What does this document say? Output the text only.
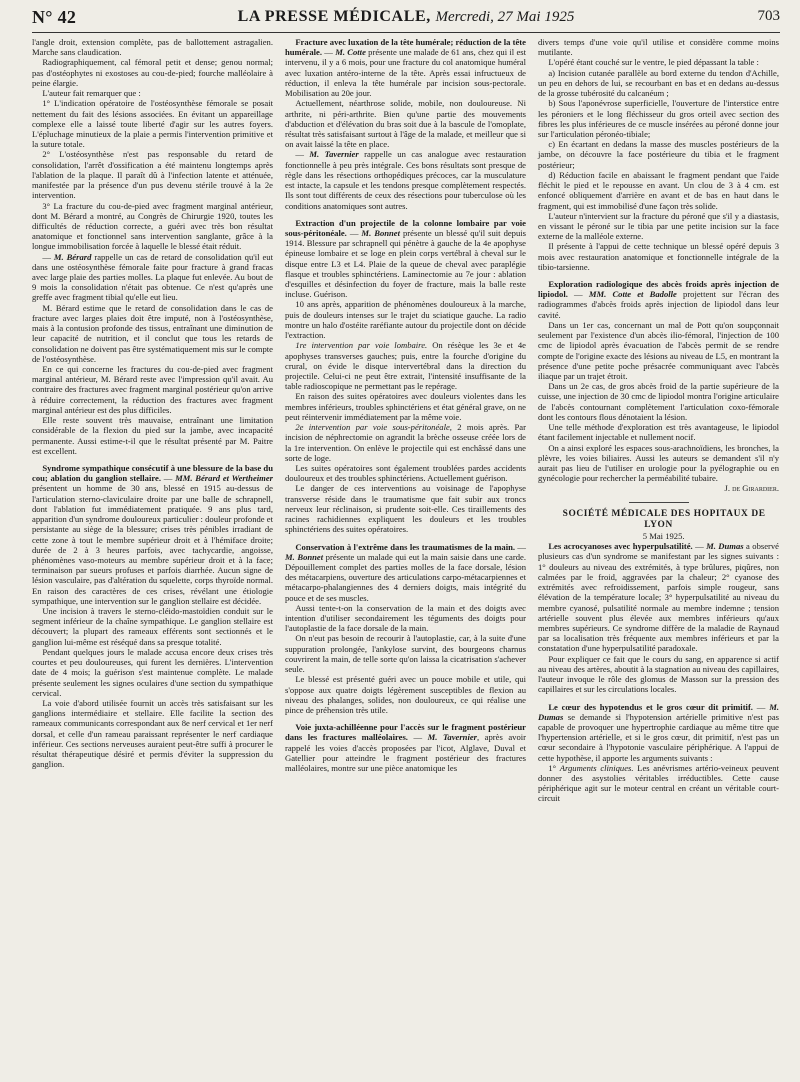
N° 42	LA PRESSE MÉDICALE, Mercredi, 27 Mai 1925	703

l'angle droit, extension complète, pas de ballottement astragalien. Marche sans claudication.

Radiographiquement, cal fémoral petit et dense; genou normal; pas d'ostéophytes ni exostoses au cou-de-pied; fourche malléolaire à peine élargie.

L'auteur fait remarquer que :

1° L'indication opératoire de l'ostéosynthèse fémorale se posait nettement du fait des lésions associées. En évitant un appareillage complexe elle a laissé toute liberté d'agir sur les autres foyers. L'épluchage minutieux de la plaie a permis l'intervention primitive et la suture totale.

2° L'ostéosynthèse n'est pas responsable du retard de consolidation, l'arrêt d'ossification a été maintenu longtemps après l'ablation de la plaque. Il paraît dû à l'infection latente et atténuée, manifestée par la présence d'un pus devenu stérile trouvé à la 2e intervention.

3° La fracture du cou-de-pied avec fragment marginal antérieur, dont M. Bérard a montré, au Congrès de Chirurgie 1920, toutes les difficultés de réduction correcte, a guéri avec très bon résultat anatomique et fonctionnel sans intervention sanglante, grâce à la longue immobilisation forcée à laquelle le blessé était réduit.

— M. Bérard rappelle un cas de retard de consolidation qu'il eut dans une ostéosynthèse fémorale faite pour fracture à grand fracas avec large plaie des parties molles. La plaque fut enlevée. Au bout de 9 mois la consolidation n'était pas obtenue. Ce n'est qu'après une greffe avec fragment tibial qu'elle eut lieu.

M. Bérard estime que le retard de consolidation dans le cas de fracture avec larges plaies doit être imputé, non à l'ostéosynthèse, mais à la contusion profonde des tissus, entraînant une diminution de leur capacité de nutrition, et il conclut que tous les retards de consolidation ne doivent pas être systématiquement mis sur le compte de l'ostéosynthèse.

En ce qui concerne les fractures du cou-de-pied avec fragment marginal antérieur, M. Bérard reste avec l'impression qu'il avait. Au contraire des fractures avec fragment marginal postérieur qu'on arrive à réduire correctement, la réduction des fractures avec fragment marginal antérieur est des plus difficiles.

Elle reste souvent très mauvaise, entraînant une limitation considérable de la flexion du pied sur la jambe, avec incapacité permanente. Aussi estime-t-il que le résultat présenté par M. Paitre est excellent.

Syndrome sympathique consécutif à une blessure de la base du cou; ablation du ganglion stellaire. — MM. Bérard et Wertheimer présentent un homme de 30 ans, blessé en 1915 au-dessus de l'articulation sterno-claviculaire droite par une balle de schrapnell, dont l'ablation fut immédiatement pratiquée. 9 ans plus tard, apparition d'un syndrome douloureux particulier : douleur profonde et persistante au siège de la blessure; crises très pénibles irradiant de cette zone à tout le membre supérieur droit et à l'hémiface droite; durée de 2 à 3 heures parfois, avec tachycardie, angoisse, phénomènes vaso-moteurs au membre supérieur droit et à la face; terminaison par sueurs profuses et parfois diarrhée. Aucun signe de lésion vasculaire, pas d'altération du squelette, corps thyroïde normal. En raison des caractères de ces crises, révélant une étiologie sympathique, une intervention sur le ganglion stellaire est décidée.

Une incision à travers le sterno-cléido-mastoïdien conduit sur le segment inférieur de la chaîne sympathique. Le ganglion stellaire est découvert; la plupart des rameaux efférents sont sectionnés et le ganglion lui-même est réséqué dans sa presque totalité.

Pendant quelques jours le malade accusa encore deux crises très courtes et peu douloureuses, qui furent les dernières. L'intervention date de 4 mois; la guérison s'est maintenue complète. Le malade présente seulement les signes oculaires d'une section du sympathique cervical.

La voie d'abord utilisée fournit un accès très satisfaisant sur les ganglions intermédiaire et stellaire. Elle facilite la section des rameaux communicants correspondant aux 8e nerf cervical et 1er nerf dorsal, et celle d'un rameau paraissant représenter le nerf cardiaque inférieur. Ces sections nerveuses auraient peut-être suffi à procurer le résultat thérapeutique désiré et permis d'éviter la suppression du ganglion.

Fracture avec luxation de la tête humérale; réduction de la tête humérale. — M. Cotte présente une malade de 61 ans, chez qui il est intervenu, il y a 6 mois, pour une fracture du col anatomique huméral avec luxation antéro-interne de la tête. Après essai infructueux de réduction, il enleva la tête humérale par incision sous-pectorale. Mobilisation au 20e jour.

Actuellement, néarthrose solide, mobile, non douloureuse. Ni arthrite, ni péri-arthrite. Bien qu'une partie des mouvements d'abduction et d'élévation du bras soit due à la bascule de l'omoplate, résultat très satisfaisant surtout à l'âge de la malade, et meilleur que si on avait laissé la tête en place.

— M. Tavernier rappelle un cas analogue avec restauration fonctionnelle à peu près intégrale. Ces bons résultats sont presque de règle dans les résections orthopédiques précoces, car la musculature est intacte, la capsule et les tendons presque complètement respectés. Ils sont tout différents de ceux des résections pour tuberculose où les conditions anatomiques sont autres.

Extraction d'un projectile de la colonne lombaire par voie sous-péritonéale. — M. Bonnet présente un blessé qu'il suit depuis 1914. Blessure par schrapnell qui pénètre à gauche de la 4e apophyse épineuse lombaire et se loge en plein corps vertébral à cheval sur le disque entre L3 et L4. Plaie de la queue de cheval avec paraplégie flasque et troubles sphinctériens. Laminectomie au 7e jour : ablation d'esquilles et désinfection du foyer de fracture, mais la balle reste incluse. Guérison.

10 ans après, apparition de phénomènes douloureux à la marche, puis de douleurs intenses sur le trajet du sciatique gauche. La radio montre un halo d'ostéite raréfiante autour du projectile dont on décide l'extraction.

1re intervention par voie lombaire. On résèque les 3e et 4e apophyses transverses gauches; puis, entre la fourche d'origine du crural, on évide le disque intervertébral dans la direction du projectile. Celui-ci ne peut être extrait, l'intensité insuffisante de la table radioscopique ne permettant pas le repérage.

En raison des suites opératoires avec douleurs violentes dans les membres inférieurs, troubles sphinctériens et état général grave, on ne peut réintervenir immédiatement par la même voie.

2e intervention par voie sous-péritonéale, 2 mois après. Par incision de néphrectomie on agrandit la brèche osseuse créée lors de la 1re intervention. On enlève le projectile qui est enchâssé dans une sorte de loge.

Les suites opératoires sont également troublées pardes accidents douloureux et des troubles sphinctériens. Actuellement guérison.

Le danger de ces interventions au voisinage de l'apophyse transverse réside dans le traumatisme que fait subir aux troncs nerveux leur réclinaison, si prudente soit-elle. Ces tiraillements des racines rachidiennes expliquent les douleurs et les troubles sphinctériens des suites opératoires.

Conservation à l'extrême dans les traumatismes de la main. — M. Bonnet présente un malade qui eut la main saisie dans une carde. Dépouillement complet des parties molles de la face dorsale, lésion des métacarpiens, ouverture des articulations carpo-métacarpiennes et métacarpo-phalangiennes des 4 derniers doigts, mais intégrité du pouce et de ses muscles.

Aussi tente-t-on la conservation de la main et des doigts avec intention d'utiliser secondairement les téguments des doigts pour l'autoplastie de la face dorsale de la main.

On n'eut pas besoin de recourir à l'autoplastie, car, à la suite d'une suppuration prolongée, l'ankylose survint, des bourgeons charnus couvrirent la main, de telle sorte qu'on laissa la cicatrisation s'achever seule.

Le blessé est présenté guéri avec un pouce mobile et utile, qui s'oppose aux quatre doigts légèrement susceptibles de flexion au niveau des phalanges, solides, non douloureux, ce qui réalise une pince de préhension très utile.

Voie juxta-achilléenne pour l'accès sur le fragment postérieur dans les fractures malléolaires. — M. Tavernier, après avoir rappelé les voies d'accès proposées par l'icot, Alglave, Duval et Gatellier pour atteindre le fragment postérieur des fractures malléolaires, montre sur une pièce anatomique les

divers temps d'une voie qu'il utilise et considère comme moins mutilante.

L'opéré étant couché sur le ventre, le pied dépassant la table :

a) Incision cutanée parallèle au bord externe du tendon d'Achille, un peu en dehors de lui, se recourbant en bas et en dedans au-dessus de la grosse tubérosité du calcanéum ;

b) Sous l'aponévrose superficielle, l'ouverture de l'interstice entre les péroniers et le long fléchisseur du gros orteil avec section des fibres les plus inférieures de ce muscle insérées au péroné donne jour sur l'articulation péronéo-tibiale;

c) En écartant en dedans la masse des muscles postérieurs de la jambe, on découvre la face postérieure du tibia et le fragment postérieur;

d) Réduction facile en abaissant le fragment pendant que l'aide fléchit le pied et le repousse en avant. Un clou de 3 à 4 cm. est enfoncé obliquement d'arrière en avant et de bas en haut dans le fragment, qui est immobilisé d'une façon très solide.

L'auteur n'intervient sur la fracture du péroné que s'il y a diastasis, en vissant le péroné sur le tibia par une petite incision sur la face externe de la malléole externe.

Il présente à l'appui de cette technique un blessé opéré depuis 3 mois avec restauration anatomique et fonctionnelle intégrale de la tibio-tarsienne.

Exploration radiologique des abcès froids après injection de lipiodol. — MM. Cotte et Badolle projettent sur l'écran des radiogrammes d'abcès froids après injection de lipiodol dans leur cavité.

Dans un 1er cas, concernant un mal de Pott qu'on soupçonnait seulement par l'existence d'un abcès ilio-fémoral, l'injection de 100 cmc de lipiodol après évacuation de l'abcès permit de se rendre compte de l'origine exacte des lésions au niveau de L5, en montrant la présence d'une petite poche présacrée communiquant avec l'abcès iliaque par un trajet étroit.

Dans un 2e cas, de gros abcès froid de la partie supérieure de la cuisse, une injection de 30 cmc de lipiodol montra l'origine articulaire de l'abcès contournant complètement l'articulation coxo-fémorale dont les contours flous dénotaient la lésion.

Une telle méthode d'exploration est très avantageuse, le lipiodol étant facilement injectable et nullement nocif.

On a ainsi exploré les espaces sous-arachnoïdiens, les bronches, la plèvre, les voies biliaires. Aussi les auteurs se demandent s'il n'y aurait pas lieu de l'utiliser en urologie pour la pyélographie ou en gynécologie pour rechercher la perméabilité tubaire.

J. de Girardier.

SOCIÉTÉ MÉDICALE DES HOPITAUX DE LYON

5 Mai 1925.

Les acrocyanoses avec hyperpulsatilité. — M. Dumas a observé plusieurs cas d'un syndrome se manifestant par les signes suivants : 1° douleurs au niveau des extrémités, à type brûlures, piqûres, non calmées par le froid, aggravées par la chaleur; 2° cyanose des extrémités avec refroidissement, parfois simple rougeur, sans élévation de la température locale; 3° hyperpulsatilité au niveau du membre cyanosé, pulsatilité normale au membre indemne ; tension artérielle souvent plus élevée aux membres inférieurs qu'aux membres supérieurs. Ce syndrome diffère de la maladie de Raynaud par sa localisation très fréquente aux membres inférieurs et par la constatation d'une hyperpulsatilité paradoxale.

Pour expliquer ce fait que le cours du sang, en apparence si actif au niveau des artères, aboutit à la stagnation au niveau des capillaires, l'auteur invoque le rôle des glomus de Masson sur la pression des capillaires et sur les circulations locales.

Le cœur des hypotendus et le gros cœur dit primitif. — M. Dumas se demande si l'hypotension artérielle primitive n'est pas capable de provoquer une hypertrophie cardiaque au même titre que l'hypertension artérielle, et si le gros cœur, dit primitif, n'est pas un cœur secondaire à l'hypotonie vasculaire périphérique. A l'appui de cette hypothèse, il apporte les arguments suivants :

1° Arguments cliniques. Les anévrismes artério-veineux peuvent donner des asystolies véritables irréductibles. Cette cause périphérique agit sur le moteur central en créant un véritable court-circuit
